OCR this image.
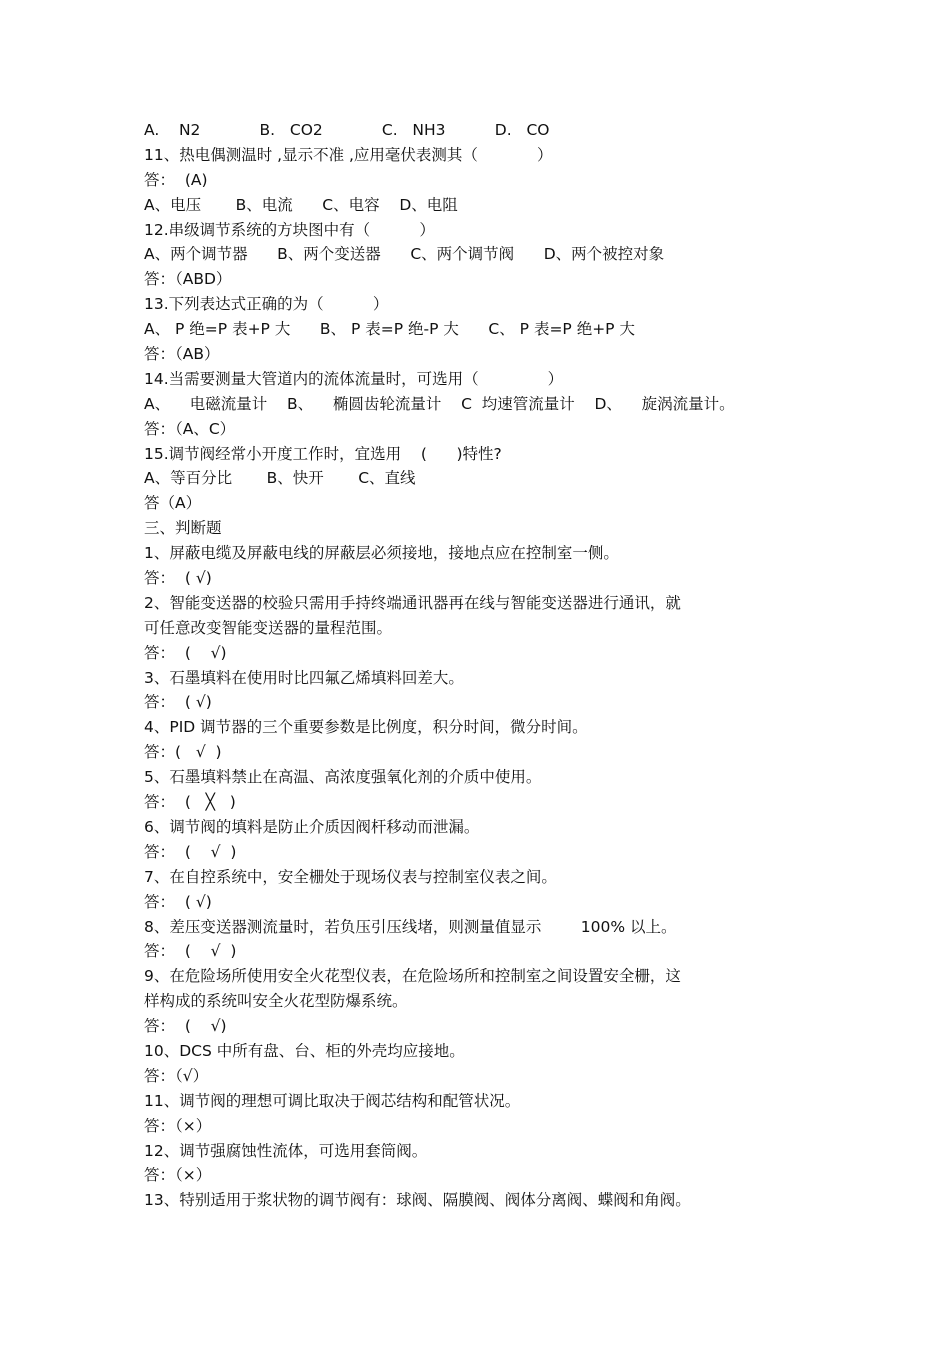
A.    N2            B.   CO2            C.   NH3          D.   CO
11、热电偶测温时 ,显示不准 ,应用毫伏表测其（            ）
答：  (A)
A、电压       B、电流      C、电容    D、电阻
12.串级调节系统的方块图中有（          ）
A、两个调节器      B、两个变送器      C、两个调节阀      D、两个被控对象
答：（ABD）
13.下列表达式正确的为（          ）
A、 P 绝=P 表+P 大      B、 P 表=P 绝-P 大      C、 P 表=P 绝+P 大
答：（AB）
14.当需要测量大管道内的流体流量时，可选用（              ）
A、    电磁流量计    B、    椭圆齿轮流量计    C  均速管流量计    D、    旋涡流量计。
答：（A、C）
15.调节阀经常小开度工作时，宜选用    (      )特性?
A、等百分比       B、快开       C、直线
答（A）
三、判断题
1、屏蔽电缆及屏蔽电线的屏蔽层必须接地，接地点应在控制室一侧。
答：  ( √)
2、智能变送器的校验只需用手持终端通讯器再在线与智能变送器进行通讯，就
可任意改变智能变送器的量程范围。
答：  (    √)
3、石墨填料在使用时比四氟乙烯填料回差大。
答：  ( √)
4、PID 调节器的三个重要参数是比例度，积分时间，微分时间。
答：(   √  )
5、石墨填料禁止在高温、高浓度强氧化剂的介质中使用。
答：  (   ╳   )
6、调节阀的填料是防止介质因阀杆移动而泄漏。
答：  (    √  )
7、在自控系统中，安全栅处于现场仪表与控制室仪表之间。
答：  ( √)
8、差压变送器测流量时，若负压引压线堵，则测量值显示        100% 以上。
答：  (    √  )
9、在危险场所使用安全火花型仪表，在危险场所和控制室之间设置安全栅，这
样构成的系统叫安全火花型防爆系统。
答：  (    √)
10、DCS 中所有盘、台、柜的外壳均应接地。
答：（√）
11、调节阀的理想可调比取决于阀芯结构和配管状况。
答：（×）
12、调节强腐蚀性流体，可选用套筒阀。
答：（×）
13、特别适用于浆状物的调节阀有：球阀、隔膜阀、阀体分离阀、蝶阀和角阀。
